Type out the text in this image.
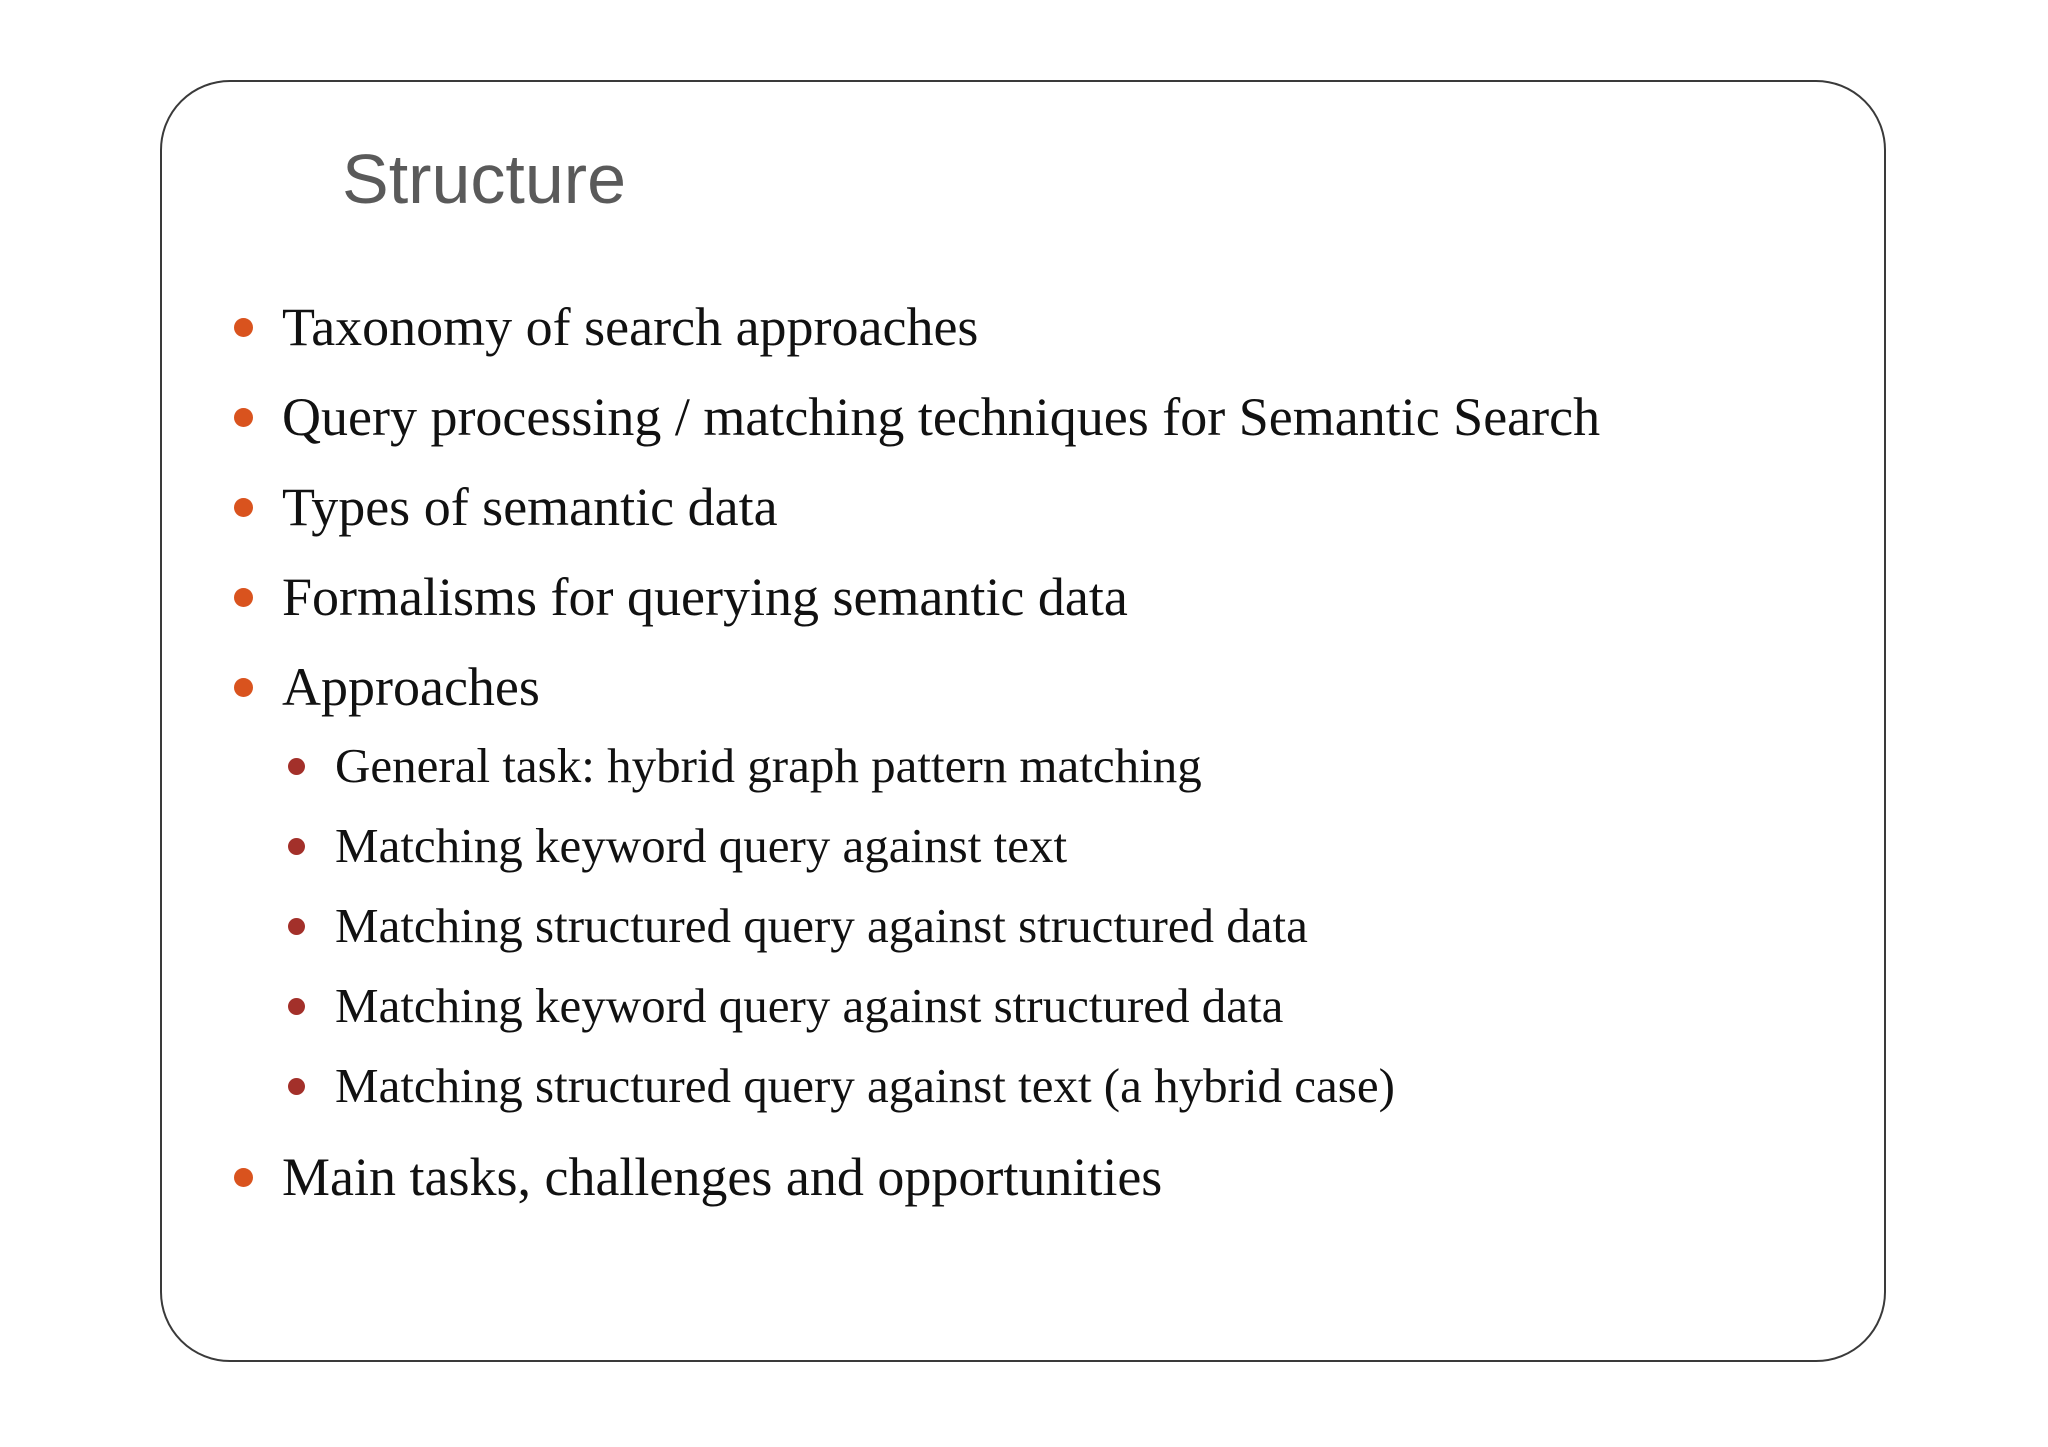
Structure
Taxonomy of search approaches
Query processing / matching techniques for Semantic Search
Types of semantic data
Formalisms for querying semantic data
Approaches
General task: hybrid graph pattern matching
Matching keyword query against text
Matching structured query against structured data
Matching keyword query against structured data
Matching structured query against text (a hybrid case)
Main tasks, challenges and opportunities
